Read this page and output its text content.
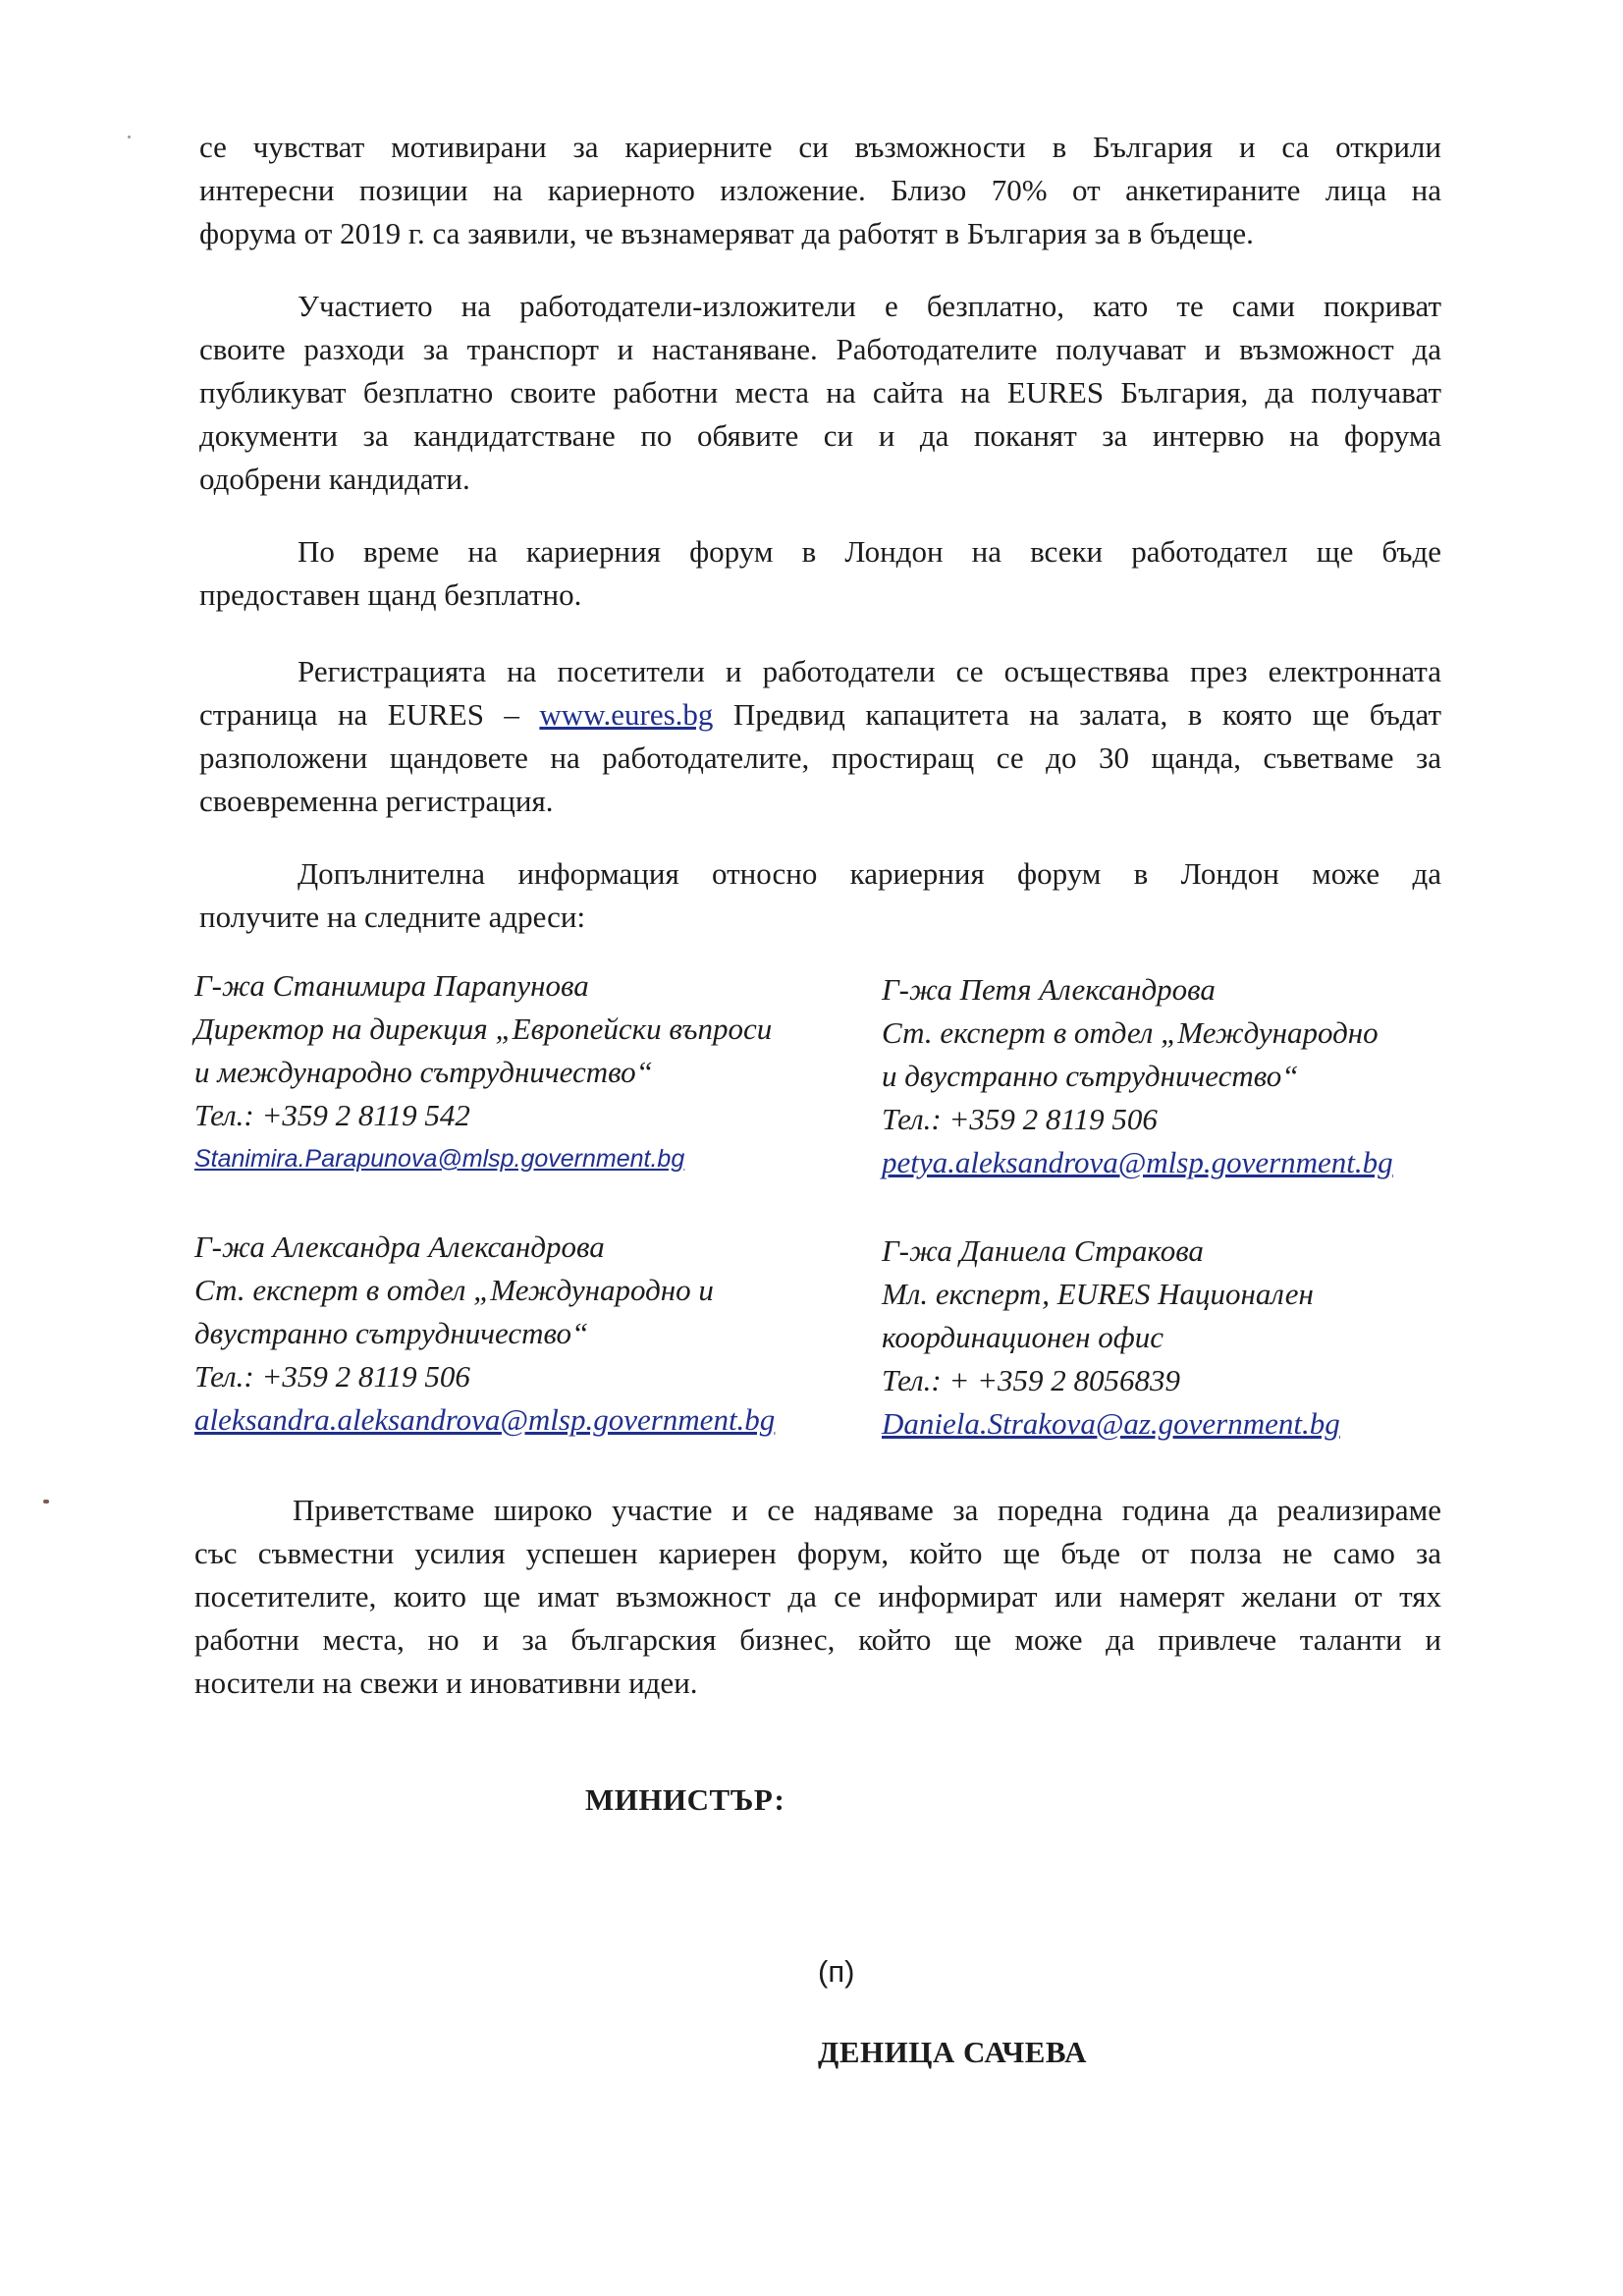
се чувстват мотивирани за кариерните си възможности в България и са открили
интересни позиции на кариерното изложение. Близо 70% от анкетираните лица на
форума от 2019 г. са заявили, че възнамеряват да работят в България за в бъдеще.
Участието на работодатели-изложители е безплатно, като те сами покриват
своите разходи за транспорт и настаняване. Работодателите получават и възможност да
публикуват безплатно своите работни места на сайта на EURES България, да получават
документи за кандидатстване по обявите си и да поканят за интервю на форума
одобрени кандидати.
По време на кариерния форум в Лондон на всеки работодател ще бъде
предоставен щанд безплатно.
Регистрацията на посетители и работодатели се осъществява през електронната
страница на EURES – www.eures.bg Предвид капацитета на залата, в която ще бъдат
разположени щандовете на работодателите, простиращ се до 30 щанда, съветваме за
своевременна регистрация.
Допълнителна информация относно кариерния форум в Лондон може да
получите на следните адреси:
Г-жа Станимира Парапунова
Директор на дирекция „Европейски въпроси
и международно сътрудничество“
Тел.: +359 2 8119 542
Stanimira.Parapunova@mlsp.government.bg
Г-жа Петя Александрова
Ст. експерт в отдел „Международно
и двустранно сътрудничество“
Тел.: +359 2 8119 506
petya.aleksandrova@mlsp.government.bg
Г-жа Александра Александрова
Ст. експерт в отдел „Международно и
двустранно сътрудничество“
Тел.: +359 2 8119 506
aleksandra.aleksandrova@mlsp.government.bg
Г-жа Даниела Стракова
Мл. експерт, EURES Национален
координационен офис
Тел.: + +359 2 8056839
Daniela.Strakova@az.government.bg
Приветстваме широко участие и се надяваме за поредна година да реализираме
със съвместни усилия успешен кариерен форум, който ще бъде от полза не само за
посетителите, които ще имат възможност да се информират или намерят желани от тях
работни места, но и за българския бизнес, който ще може да привлече таланти и
носители на свежи и иновативни идеи.
МИНИСТЪР:
(п)
ДЕНИЦА САЧЕВА
